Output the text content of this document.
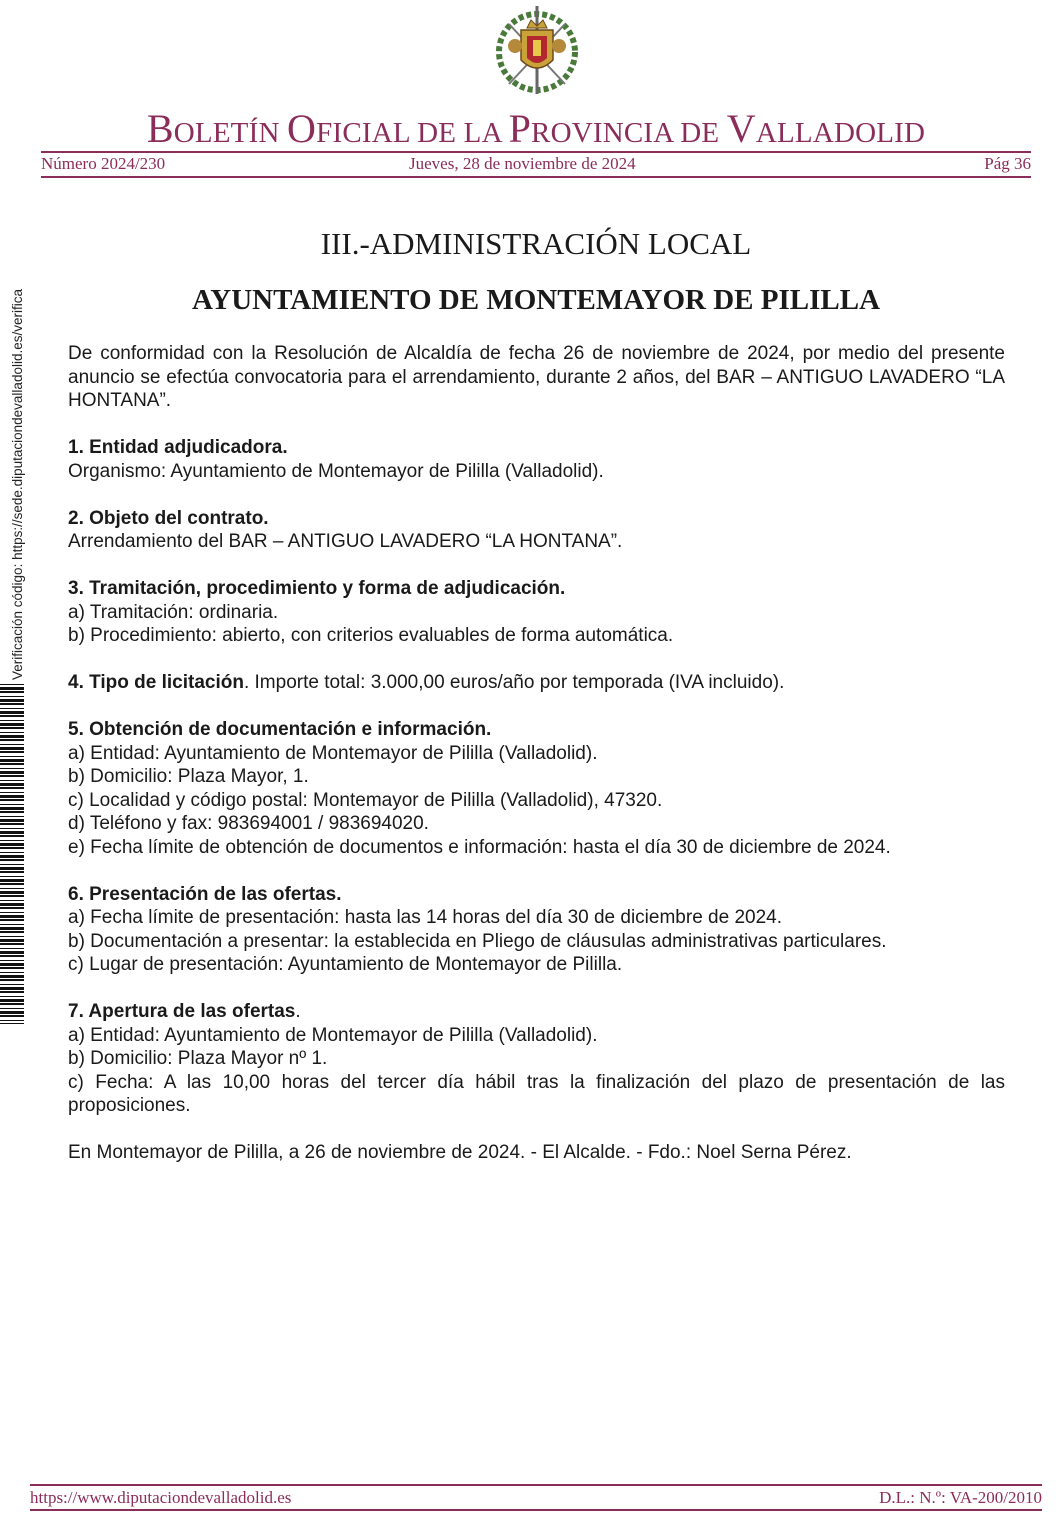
BOLETÍN OFICIAL DE LA PROVINCIA DE VALLADOLID
Número 2024/230	Jueves, 28 de noviembre de 2024	Pág 36
Verificación código: https://sede.diputaciondevalladolid.es/verifica
III.-ADMINISTRACIÓN LOCAL
AYUNTAMIENTO DE MONTEMAYOR DE PILILLA

De conformidad con la Resolución de Alcaldía de fecha 26 de noviembre de 2024, por medio del presente anuncio se efectúa convocatoria para el arrendamiento, durante 2 años, del BAR – ANTIGUO LAVADERO “LA HONTANA”.

1. Entidad adjudicadora.

Organismo: Ayuntamiento de Montemayor de Pililla (Valladolid).

2. Objeto del contrato.

Arrendamiento del BAR – ANTIGUO LAVADERO “LA HONTANA”.

3. Tramitación, procedimiento y forma de adjudicación.

a) Tramitación: ordinaria.

b) Procedimiento: abierto, con criterios evaluables de forma automática.

4. Tipo de licitación. Importe total: 3.000,00 euros/año por temporada (IVA incluido).

5. Obtención de documentación e información.

a) Entidad: Ayuntamiento de Montemayor de Pililla (Valladolid).

b) Domicilio: Plaza Mayor, 1.

c) Localidad y código postal: Montemayor de Pililla (Valladolid), 47320.

d) Teléfono y fax: 983694001 / 983694020.

e) Fecha límite de obtención de documentos e información: hasta el día 30 de diciembre de 2024.

6. Presentación de las ofertas.

a) Fecha límite de presentación: hasta las 14 horas del día 30 de diciembre de 2024.

b) Documentación a presentar: la establecida en Pliego de cláusulas administrativas particulares.

c) Lugar de presentación: Ayuntamiento de Montemayor de Pililla.

7. Apertura de las ofertas.

a) Entidad: Ayuntamiento de Montemayor de Pililla (Valladolid).

b) Domicilio: Plaza Mayor nº 1.

c) Fecha: A las 10,00 horas del tercer día hábil tras la finalización del plazo de presentación de las proposiciones.

En Montemayor de Pililla, a 26 de noviembre de 2024. - El Alcalde. - Fdo.: Noel Serna Pérez.

https://www.diputaciondevalladolid.es	D.L.: N.º: VA-200/2010
